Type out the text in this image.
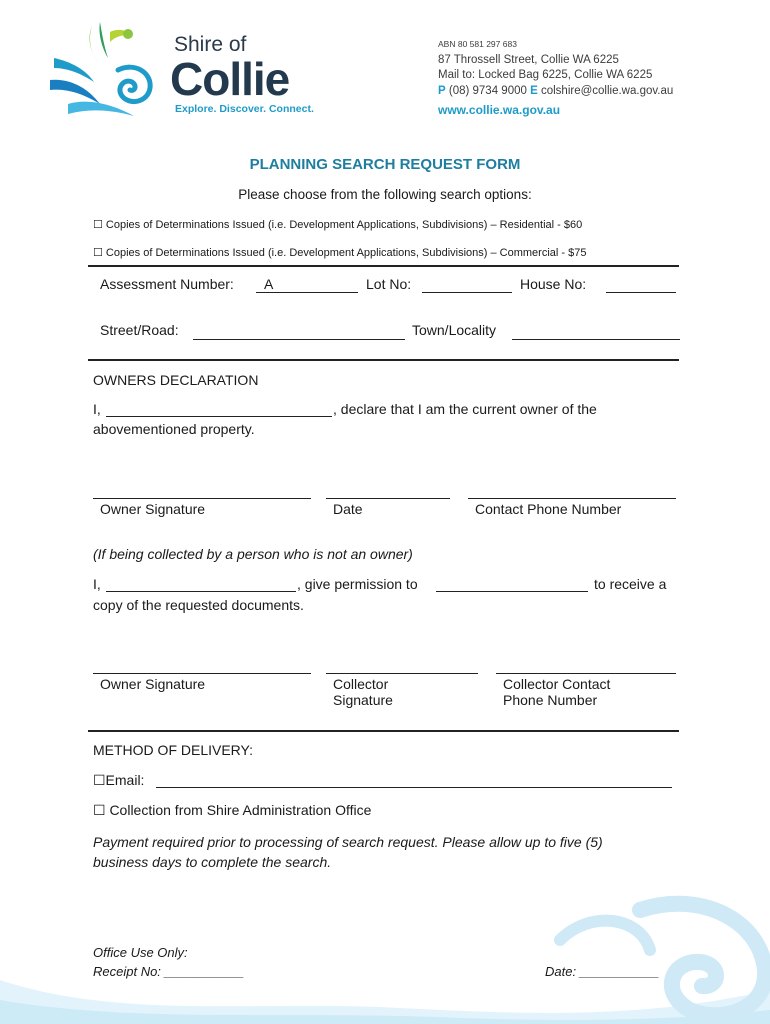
Shire of
Collie
Explore. Discover. Connect.
ABN 80 581 297 683
87 Throssell Street, Collie WA 6225
Mail to: Locked Bag 6225, Collie WA 6225
P (08) 9734 9000 E colshire@collie.wa.gov.au
www.collie.wa.gov.au
PLANNING SEARCH REQUEST FORM
Please choose from the following search options:
☐ Copies of Determinations Issued (i.e. Development Applications, Subdivisions) – Residential - $60
☐ Copies of Determinations Issued (i.e. Development Applications, Subdivisions) – Commercial - $75
Assessment Number: A	Lot No:	House No:
Street/Road:	Town/Locality
OWNERS DECLARATION
I,	, declare that I am the current owner of the
abovementioned property.
Owner Signature	Date	Contact Phone Number
(If being collected by a person who is not an owner)
I,	, give permission to	to receive a
copy of the requested documents.
Owner Signature	Collector
Signature
Collector Contact
Phone Number
METHOD OF DELIVERY:
☐Email:
☐ Collection from Shire Administration Office
Payment required prior to processing of search request. Please allow up to five (5)
business days to complete the search.
Office Use Only:
Receipt No: ___________	Date: ___________
